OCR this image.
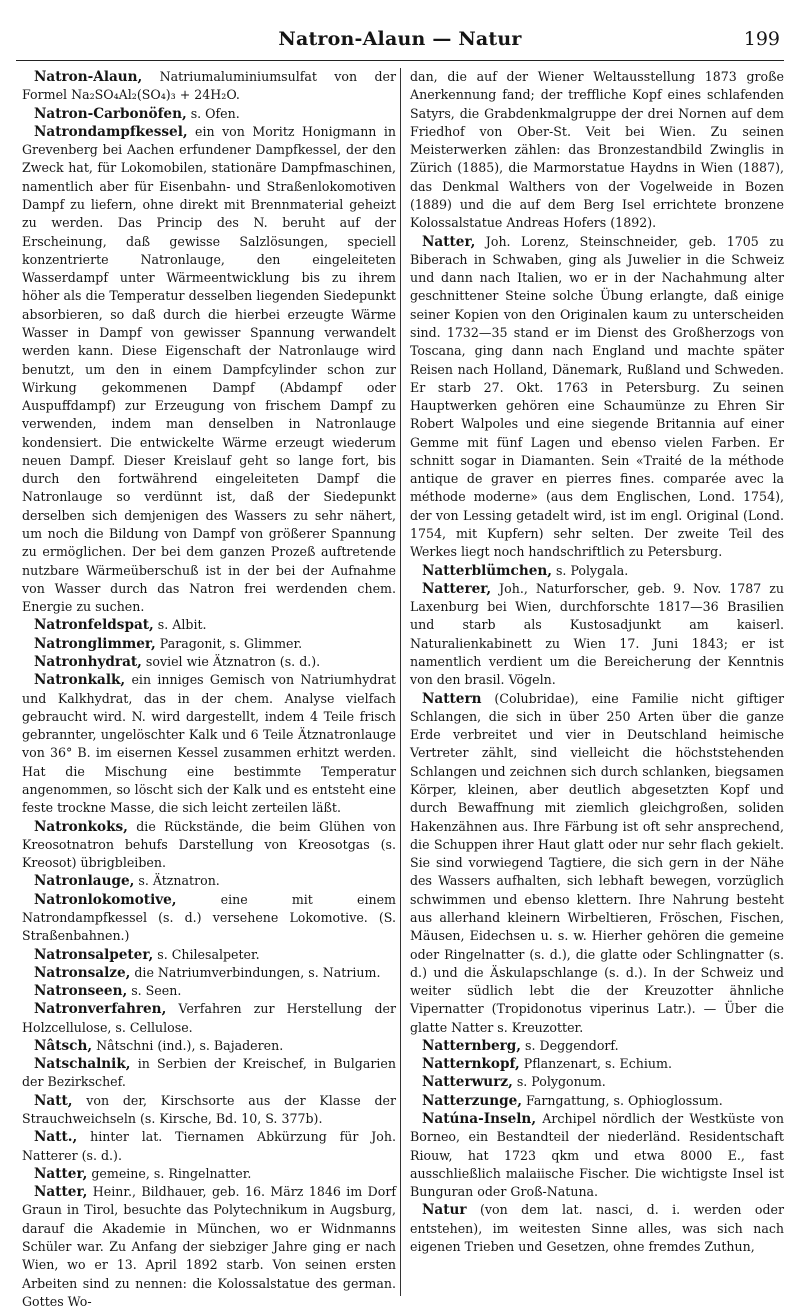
Natron-Alaun — Natur	199

Natron-Alaun, Natriumaluminiumsulfat von der Formel Na₂SO₄Al₂(SO₄)₃ + 24H₂O.

Natron-Carbonöfen, s. Ofen.

Natrondampfkessel, ein von Moritz Honigmann in Grevenberg bei Aachen erfundener Dampfkessel, der den Zweck hat, für Lokomobilen, stationäre Dampfmaschinen, namentlich aber für Eisenbahn- und Straßenlokomotiven Dampf zu liefern, ohne direkt mit Brennmaterial geheizt zu werden. Das Princip des N. beruht auf der Erscheinung, daß gewisse Salzlösungen, speciell konzentrierte Natronlauge, den eingeleiteten Wasserdampf unter Wärmeentwicklung bis zu ihrem höher als die Temperatur desselben liegenden Siedepunkt absorbieren, so daß durch die hierbei erzeugte Wärme Wasser in Dampf von gewisser Spannung verwandelt werden kann. Diese Eigenschaft der Natronlauge wird benutzt, um den in einem Dampfcylinder schon zur Wirkung gekommenen Dampf (Abdampf oder Auspuffdampf) zur Erzeugung von frischem Dampf zu verwenden, indem man denselben in Natronlauge kondensiert. Die entwickelte Wärme erzeugt wiederum neuen Dampf. Dieser Kreislauf geht so lange fort, bis durch den fortwährend eingeleiteten Dampf die Natronlauge so verdünnt ist, daß der Siedepunkt derselben sich demjenigen des Wassers zu sehr nähert, um noch die Bildung von Dampf von größerer Spannung zu ermöglichen. Der bei dem ganzen Prozeß auftretende nutzbare Wärmeüberschuß ist in der bei der Aufnahme von Wasser durch das Natron frei werdenden chem. Energie zu suchen.

Natronfeldspat, s. Albit.

Natronglimmer, Paragonit, s. Glimmer.

Natronhydrat, soviel wie Ätznatron (s. d.).

Natronkalk, ein inniges Gemisch von Natriumhydrat und Kalkhydrat, das in der chem. Analyse vielfach gebraucht wird. N. wird dargestellt, indem 4 Teile frisch gebrannter, ungelöschter Kalk und 6 Teile Ätznatronlauge von 36° B. im eisernen Kessel zusammen erhitzt werden. Hat die Mischung eine bestimmte Temperatur angenommen, so löscht sich der Kalk und es entsteht eine feste trockne Masse, die sich leicht zerteilen läßt.

Natronkoks, die Rückstände, die beim Glühen von Kreosotnatron behufs Darstellung von Kreosotgas (s. Kreosot) übrigbleiben.

Natronlauge, s. Ätznatron.

Natronlokomotive, eine mit einem Natrondampfkessel (s. d.) versehene Lokomotive. (S. Straßenbahnen.)

Natronsalpeter, s. Chilesalpeter.

Natronsalze, die Natriumverbindungen, s. Natrium.

Natronseen, s. Seen.

Natronverfahren, Verfahren zur Herstellung der Holzcellulose, s. Cellulose.

Nâtsch, Nâtschni (ind.), s. Bajaderen.

Natschalnik, in Serbien der Kreischef, in Bulgarien der Bezirkschef.

Natt, von der, Kirschsorte aus der Klasse der Strauchweichseln (s. Kirsche, Bd. 10, S. 377b).

Natt., hinter lat. Tiernamen Abkürzung für Joh. Natterer (s. d.).

Natter, gemeine, s. Ringelnatter.

Natter, Heinr., Bildhauer, geb. 16. März 1846 im Dorf Graun in Tirol, besuchte das Polytechnikum in Augsburg, darauf die Akademie in München, wo er Widnmanns Schüler war. Zu Anfang der siebziger Jahre ging er nach Wien, wo er 13. April 1892 starb. Von seinen ersten Arbeiten sind zu nennen: die Kolossalstatue des german. Gottes Wo-

dan, die auf der Wiener Weltausstellung 1873 große Anerkennung fand; der treffliche Kopf eines schlafenden Satyrs, die Grabdenkmalgruppe der drei Nornen auf dem Friedhof von Ober-St. Veit bei Wien. Zu seinen Meisterwerken zählen: das Bronzestandbild Zwinglis in Zürich (1885), die Marmorstatue Haydns in Wien (1887), das Denkmal Walthers von der Vogelweide in Bozen (1889) und die auf dem Berg Isel errichtete bronzene Kolossalstatue Andreas Hofers (1892).

Natter, Joh. Lorenz, Steinschneider, geb. 1705 zu Biberach in Schwaben, ging als Juwelier in die Schweiz und dann nach Italien, wo er in der Nachahmung alter geschnittener Steine solche Übung erlangte, daß einige seiner Kopien von den Originalen kaum zu unterscheiden sind. 1732—35 stand er im Dienst des Großherzogs von Toscana, ging dann nach England und machte später Reisen nach Holland, Dänemark, Rußland und Schweden. Er starb 27. Okt. 1763 in Petersburg. Zu seinen Hauptwerken gehören eine Schaumünze zu Ehren Sir Robert Walpoles und eine siegende Britannia auf einer Gemme mit fünf Lagen und ebenso vielen Farben. Er schnitt sogar in Diamanten. Sein «Traité de la méthode antique de graver en pierres fines. comparée avec la méthode moderne» (aus dem Englischen, Lond. 1754), der von Lessing getadelt wird, ist im engl. Original (Lond. 1754, mit Kupfern) sehr selten. Der zweite Teil des Werkes liegt noch handschriftlich zu Petersburg.

Natterblümchen, s. Polygala.

Natterer, Joh., Naturforscher, geb. 9. Nov. 1787 zu Laxenburg bei Wien, durchforschte 1817—36 Brasilien und starb als Kustosadjunkt am kaiserl. Naturalienkabinett zu Wien 17. Juni 1843; er ist namentlich verdient um die Bereicherung der Kenntnis von den brasil. Vögeln.

Nattern (Colubridae), eine Familie nicht giftiger Schlangen, die sich in über 250 Arten über die ganze Erde verbreitet und vier in Deutschland heimische Vertreter zählt, sind vielleicht die höchststehenden Schlangen und zeichnen sich durch schlanken, biegsamen Körper, kleinen, aber deutlich abgesetzten Kopf und durch Bewaffnung mit ziemlich gleichgroßen, soliden Hakenzähnen aus. Ihre Färbung ist oft sehr ansprechend, die Schuppen ihrer Haut glatt oder nur sehr flach gekielt. Sie sind vorwiegend Tagtiere, die sich gern in der Nähe des Wassers aufhalten, sich lebhaft bewegen, vorzüglich schwimmen und ebenso klettern. Ihre Nahrung besteht aus allerhand kleinern Wirbeltieren, Fröschen, Fischen, Mäusen, Eidechsen u. s. w. Hierher gehören die gemeine oder Ringelnatter (s. d.), die glatte oder Schlingnatter (s. d.) und die Äskulapschlange (s. d.). In der Schweiz und weiter südlich lebt die der Kreuzotter ähnliche Vipernatter (Tropidonotus viperinus Latr.). — Über die glatte Natter s. Kreuzotter.

Natternberg, s. Deggendorf.

Natternkopf, Pflanzenart, s. Echium.

Natterwurz, s. Polygonum.

Natterzunge, Farngattung, s. Ophioglossum.

Natúna-Inseln, Archipel nördlich der Westküste von Borneo, ein Bestandteil der niederländ. Residentschaft Riouw, hat 1723 qkm und etwa 8000 E., fast ausschließlich malaiische Fischer. Die wichtigste Insel ist Bunguran oder Groß-Natuna.

Natur (von dem lat. nasci, d. i. werden oder entstehen), im weitesten Sinne alles, was sich nach eigenen Trieben und Gesetzen, ohne fremdes Zuthun,
